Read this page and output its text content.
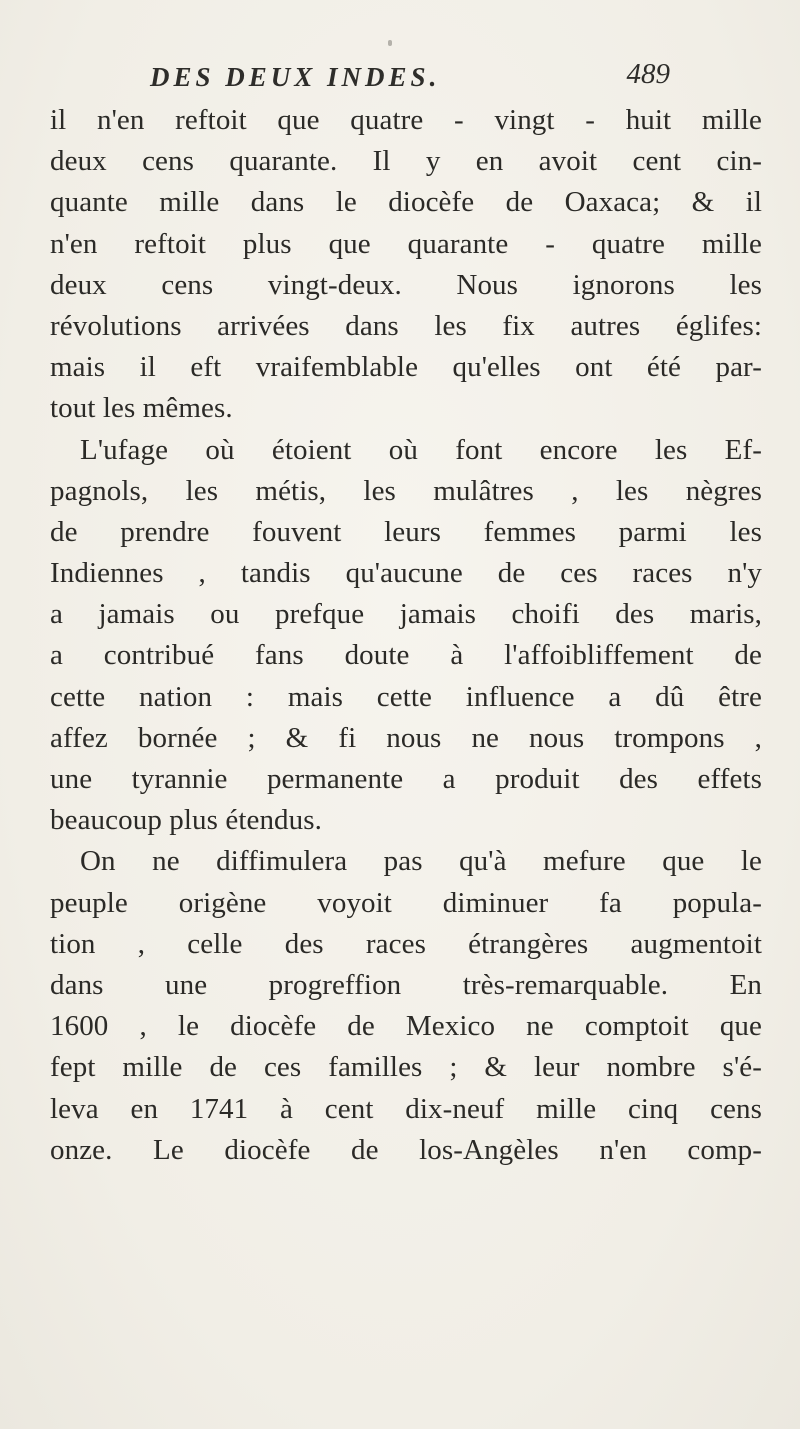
DES DEUX INDES.	489
il n'en reftoit que quatre - vingt - huit mille
deux cens quarante. Il y en avoit cent cin-
quante mille dans le diocèfe de Oaxaca; & il
n'en reftoit plus que quarante - quatre mille
deux cens vingt-deux. Nous ignorons les
révolutions arrivées dans les fix autres églifes:
mais il eft vraifemblable qu'elles ont été par-
tout les mêmes.
L'ufage où étoient où font encore les Ef-
pagnols, les métis, les mulâtres , les nègres
de prendre fouvent leurs femmes parmi les
Indiennes , tandis qu'aucune de ces races n'y
a jamais ou prefque jamais choifi des maris,
a contribué fans doute à l'affoibliffement de
cette nation : mais cette influence a dû être
affez bornée ; & fi nous ne nous trompons ,
une tyrannie permanente a produit des effets
beaucoup plus étendus.
On ne diffimulera pas qu'à mefure que le
peuple origène voyoit diminuer fa popula-
tion , celle des races étrangères augmentoit
dans une progreffion très-remarquable. En
1600 , le diocèfe de Mexico ne comptoit que
fept mille de ces familles ; & leur nombre s'é-
leva en 1741 à cent dix-neuf mille cinq cens
onze. Le diocèfe de los-Angèles n'en comp-
